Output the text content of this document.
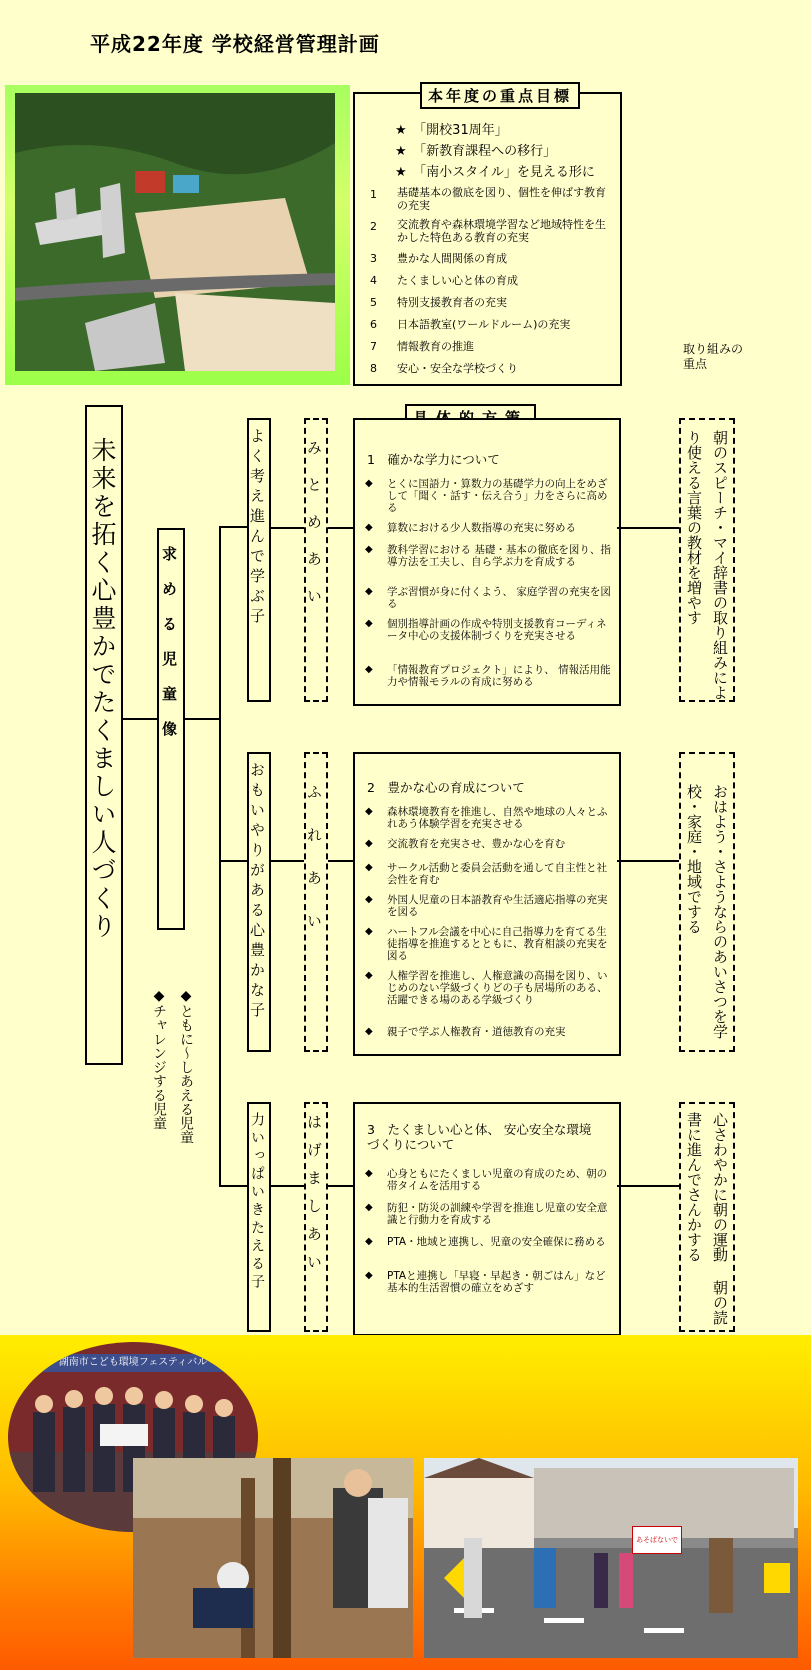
平成22年度 学校経営管理計画
★　 「開校31周年」
★　 「新教育課程への移行」
★　 「南小スタイル」を見える形に
1 基礎基本の徹底を図り、個性を伸ばす教育の充実
2 交流教育や森林環境学習など地域特性を生かした特色ある教育の充実
3 豊かな人間関係の育成
4 たくましい心と体の育成
5 特別支援教育者の充実
6 日本語教室(ワールドルーム)の充実
7 情報教育の推進
8 安心・安全な学校づくり
本年度の重点目標
取り組みの重点
未来を拓く心豊かでたくましい人づくり	求める児童像
◆ともに〜しあえる児童
◆チャレンジする児童
よく考え進んで学ぶ子	みとめあい	1　確かな学力について
◆ とくに国語力・算数力の基礎学力の向上をめざして「聞く・話す・伝え合う」力をさらに高める
◆ 算数における少人数指導の充実に努める
◆ 教科学習における 基礎・基本の徹底を図り、指導方法を工夫し、自ら学ぶ力を育成する
◆ 学ぶ習慣が身に付くよう、 家庭学習の充実を図る
◆ 個別指導計画の作成や特別支援教育コーディネータ中心の支援体制づくりを充実させる
◆ 「情報教育プロジェクト」により、 情報活用能力や情報モラルの育成に努める	朝のスピーチ・マイ辞書の取り組みにより使える言葉の教材を増やす
おもいやりがある心豊かな子	ふれあい	2　豊かな心の育成について
◆ 森林環境教育を推進し、自然や地球の人々とふれあう体験学習を充実させる
◆ 交流教育を充実させ、豊かな心を育む
◆ サークル活動と委員会活動を通して自主性と社会性を育む
◆ 外国人児童の日本語教育や生活適応指導の充実を図る
◆ ハートフル会議を中心に自己指導力を育てる生徒指導を推進するとともに、教育相談の充実を図る
◆ 人権学習を推進し、人権意識の高揚を図り、いじめのない学級づくりどの子も居場所のある、 活躍できる場のある学級づくり
◆ 親子で学ぶ人権教育・道徳教育の充実	おはよう・さようならのあいさつを学校・家庭・地域でする
力いっぱいきたえる子	はげましあい	3　たくましい心と体、 安心安全な環境づくりについて
◆ 心身ともにたくましい児童の育成のため、朝の帯タイムを活用する
◆ 防犯・防災の訓練や学習を推進し児童の安全意識と行動力を育成する
◆ PTA・地域と連携し、児童の安全確保に務める
◆ PTAと連携し「早寝・早起き・朝ごはん」など基本的生活習慣の確立をめざす	心さわやかに朝の運動 朝の読書に進んでさんかする
湖南市こども環境フェスティバル
あそばないで
